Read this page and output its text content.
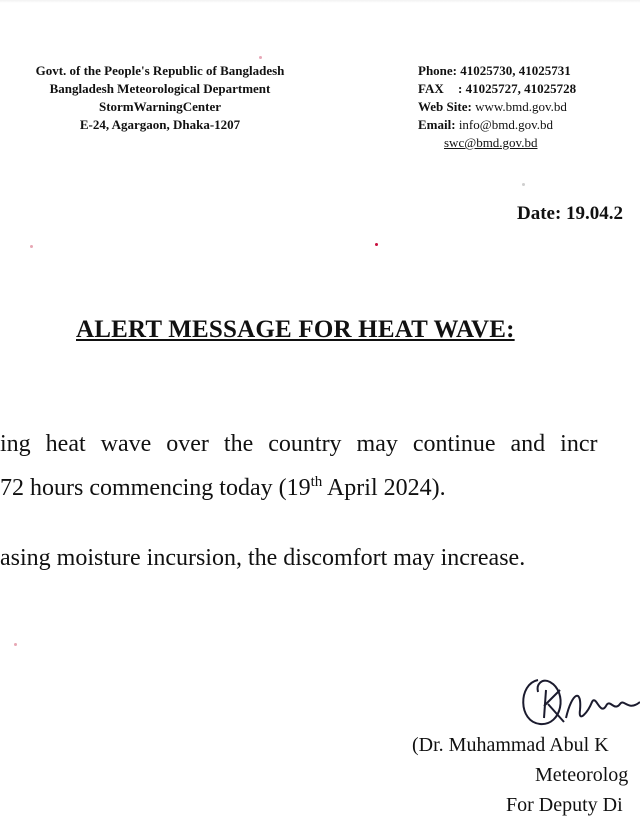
Govt. of the People's Republic of Bangladesh
Bangladesh Meteorological Department
StormWarningCenter
E-24, Agargaon, Dhaka-1207
Phone: 41025730, 41025731
FAX : 41025727, 41025728
Web Site: www.bmd.gov.bd
Email: info@bmd.gov.bd
swc@bmd.gov.bd
Date: 19.04.2
ALERT MESSAGE FOR HEAT WAVE:
ing heat wave over the country may continue and incr
72 hours commencing today (19th April 2024).
asing moisture incursion, the discomfort may increase.
(Dr. Muhammad Abul K
Meteorolog
For Deputy Di
